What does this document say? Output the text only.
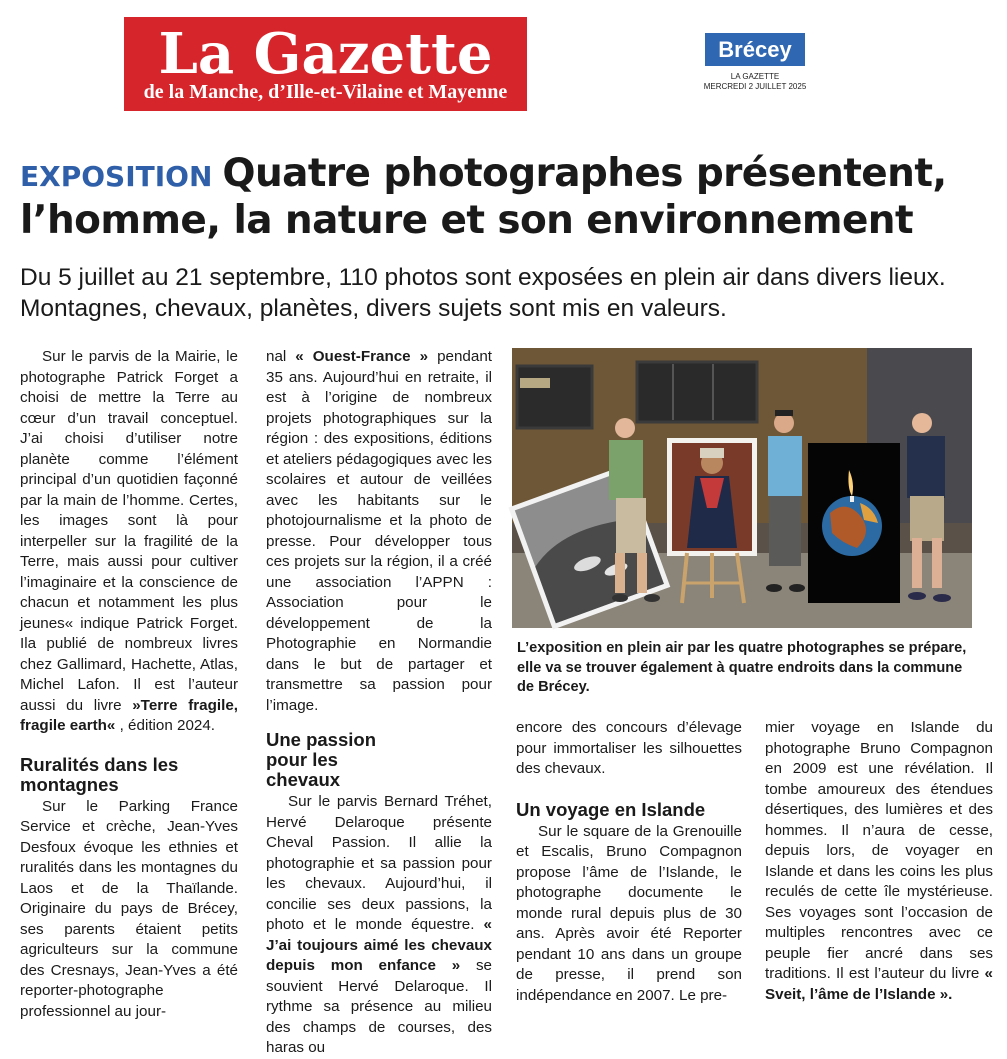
La Gazette
de la Manche, d’Ille-et-Vilaine et Mayenne
Brécey
LA GAZETTE
MERCREDI 2 JUILLET 2025
EXPOSITION Quatre photographes présentent, l’homme, la nature et son environnement
Du 5 juillet au 21 septembre, 110 photos sont exposées en plein air dans divers lieux. Montagnes, chevaux, planètes, divers sujets sont mis en valeurs.

Sur le parvis de la Mairie, le photographe Patrick Forget a choisi de mettre la Terre au cœur d’un travail conceptuel. J’ai choisi d’utiliser notre planète comme l’élément principal d’un quotidien façonné par la main de l’homme. Certes, les images sont là pour interpeller sur la fragilité de la Terre, mais aussi pour cultiver l’imaginaire et la conscience de chacun et notamment les plus jeunes« indique Patrick Forget. Ila publié de nombreux livres chez Gallimard, Hachette, Atlas, Michel Lafon. Il est l’auteur aussi du livre »Terre fragile, fragile earth« , édition 2024.

Ruralités dans les montagnes

Sur le Parking France Service et crèche, Jean-Yves Desfoux évoque les ethnies et ruralités dans les montagnes du Laos et de la Thaïlande. Originaire du pays de Brécey, ses parents étaient petits agriculteurs sur la commune des Cresnays, Jean-Yves a été reporter-photographe professionnel au jour-

nal « Ouest-France » pendant 35 ans. Aujourd’hui en retraite, il est à l’origine de nombreux projets photographiques sur la région : des expositions, éditions et ateliers pédagogiques avec les scolaires et autour de veillées avec les habitants sur le photojournalisme et la photo de presse. Pour développer tous ces projets sur la région, il a créé une association l’APPN : Association pour le développement de la Photographie en Normandie dans le but de partager et transmettre sa passion pour l’image.

Une passion pour les chevaux

Sur le parvis Bernard Tréhet, Hervé Delaroque présente Cheval Passion. Il allie la photographie et sa passion pour les chevaux. Aujourd’hui, il concilie ses deux passions, la photo et le monde équestre. « J’ai toujours aimé les chevaux depuis mon enfance » se souvient Hervé Delaroque. Il rythme sa présence au milieu des champs de courses, des haras ou

L’exposition en plein air par les quatre photographes se prépare, elle va se trouver également à quatre endroits dans la commune de Brécey.

encore des concours d’élevage pour immortaliser les silhouettes des chevaux.

Un voyage en Islande

Sur le square de la Grenouille et Escalis, Bruno Compagnon propose l’âme de l’Islande, le photographe documente le monde rural depuis plus de 30 ans. Après avoir été Reporter pendant 10 ans dans un groupe de presse, il prend son indépendance en 2007. Le pre-

mier voyage en Islande du photographe Bruno Compagnon en 2009 est une révélation. Il tombe amoureux des étendues désertiques, des lumières et des hommes. Il n’aura de cesse, depuis lors, de voyager en Islande et dans les coins les plus reculés de cette île mystérieuse. Ses voyages sont l’occasion de multiples rencontres avec ce peuple fier ancré dans ses traditions. Il est l’auteur du livre « Sveit, l’âme de l’Islande ».
